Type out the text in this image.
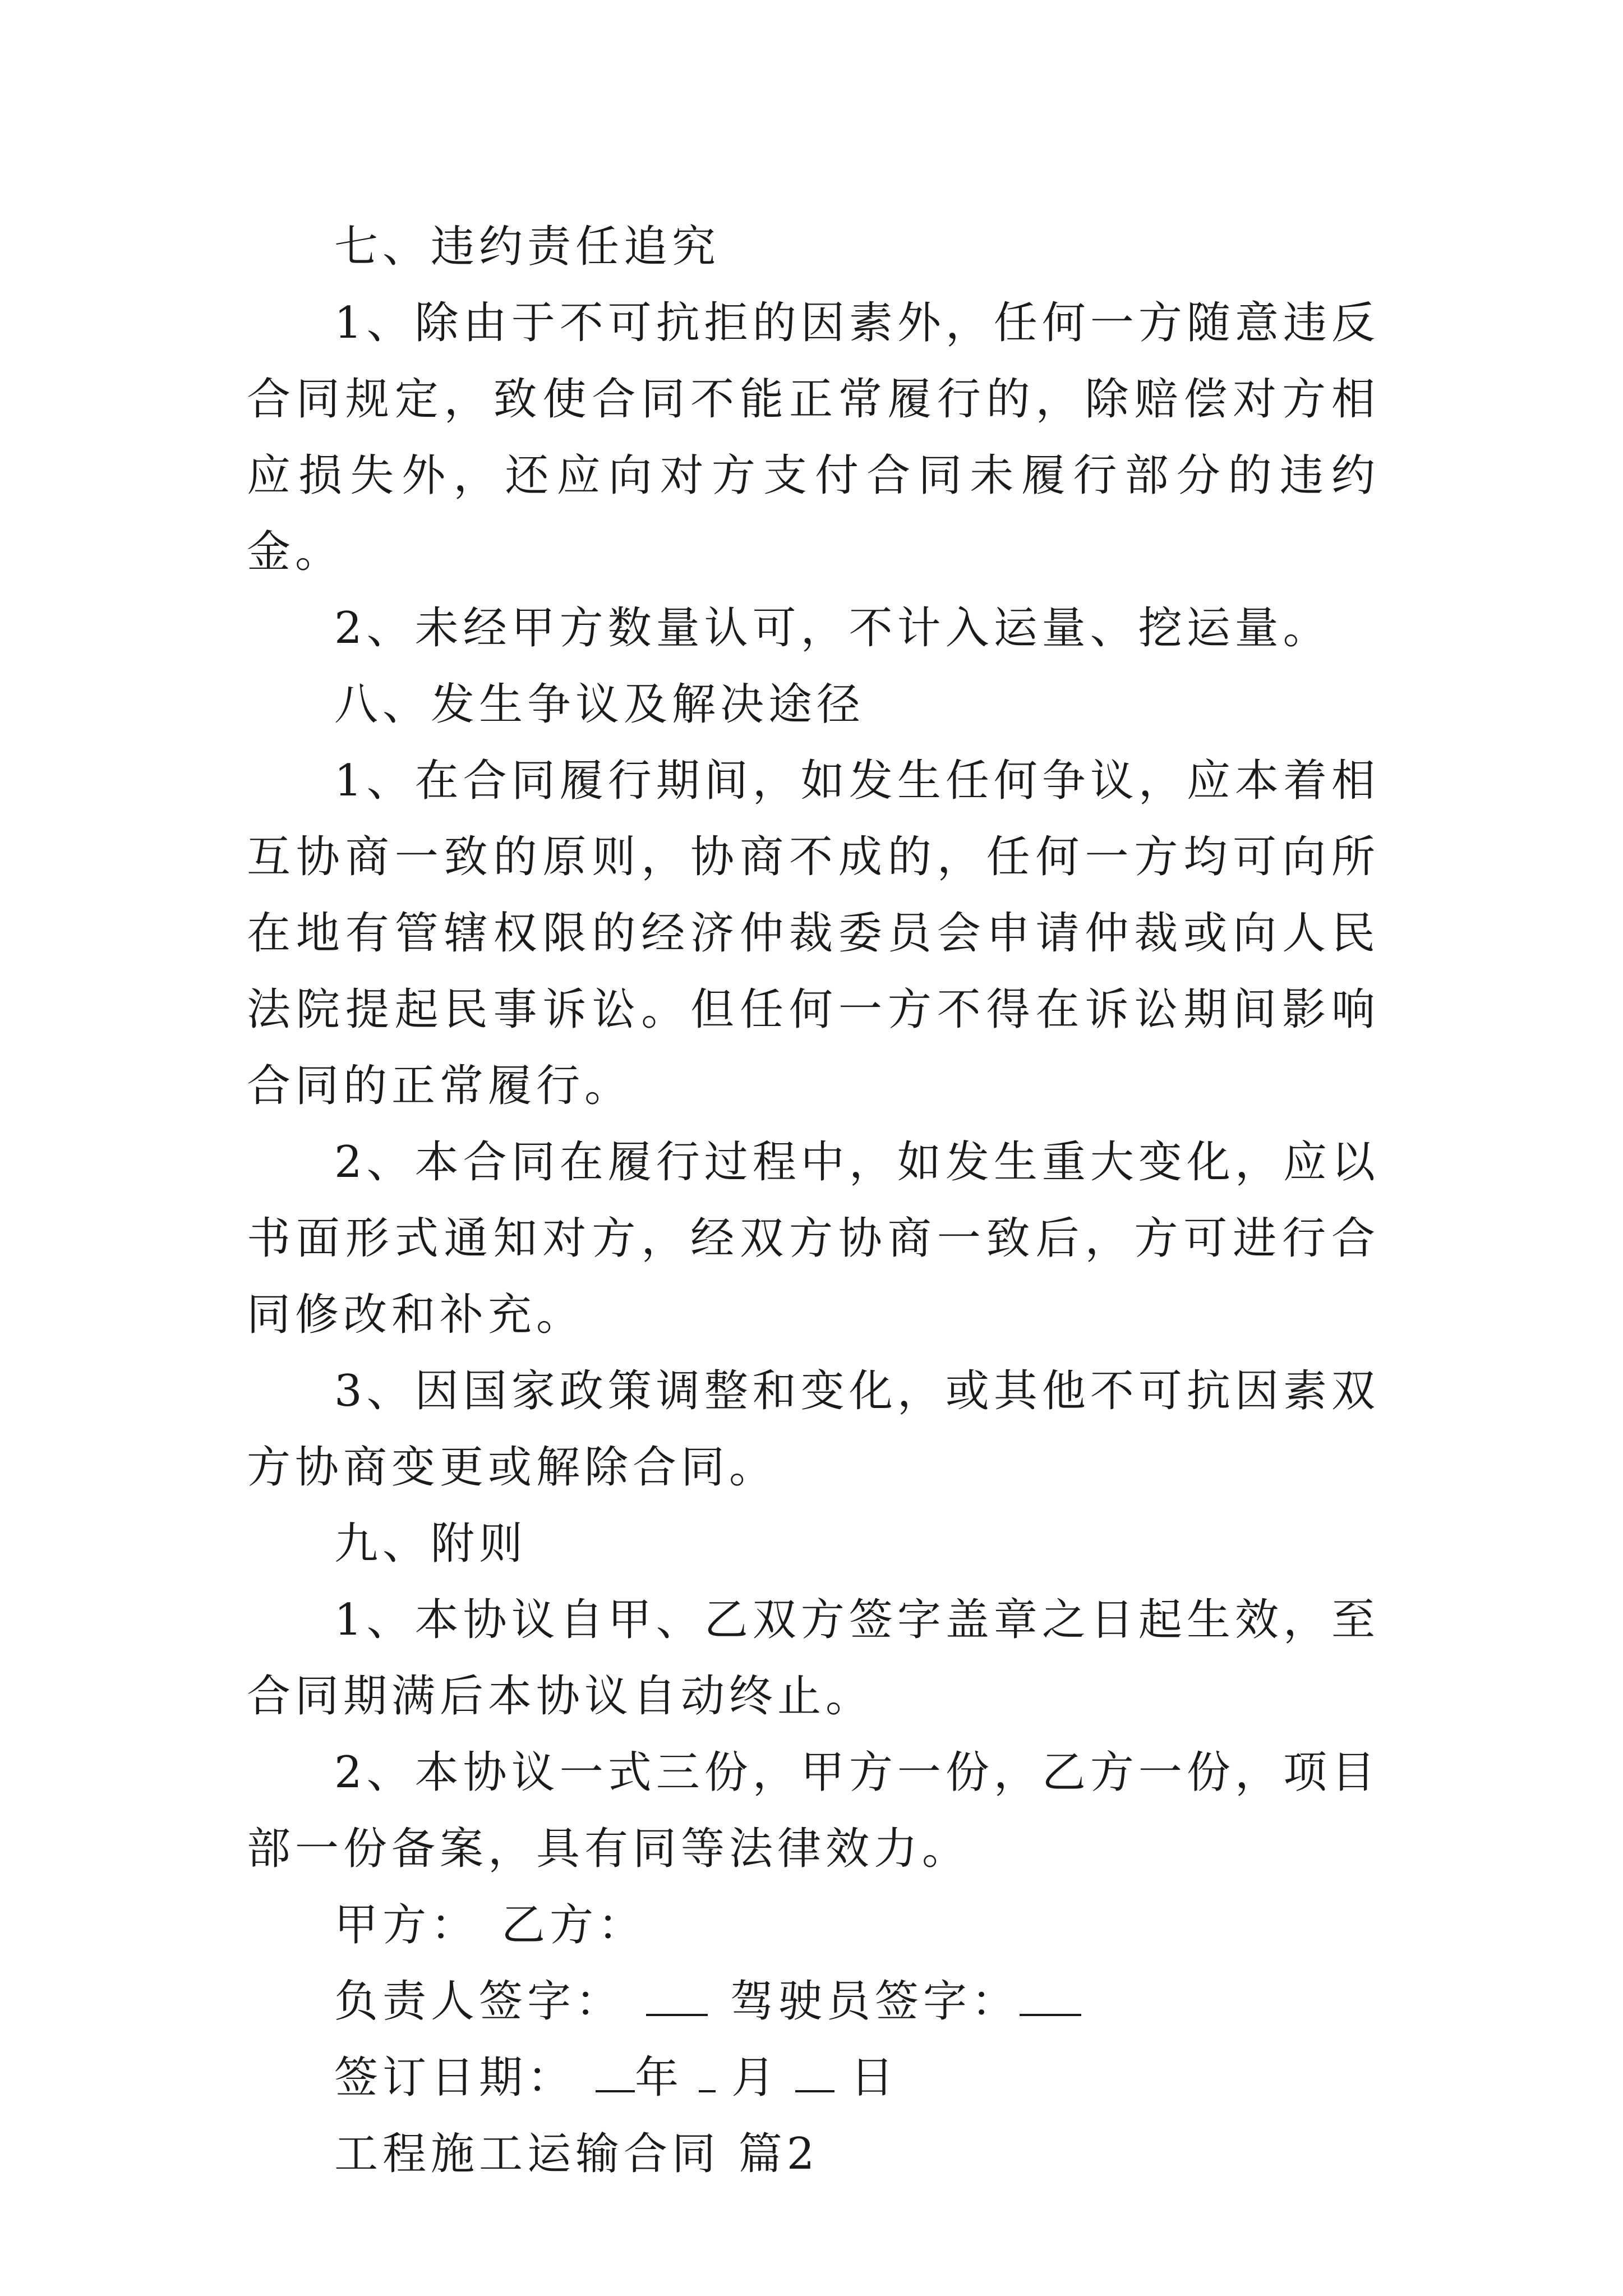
七、违约责任追究

1、除由于不可抗拒的因素外，任何一方随意违反合同规定，致使合同不能正常履行的，除赔偿对方相应损失外，还应向对方支付合同未履行部分的违约金。

2、未经甲方数量认可，不计入运量、挖运量。

八、发生争议及解决途径

1、在合同履行期间，如发生任何争议，应本着相互协商一致的原则，协商不成的，任何一方均可向所在地有管辖权限的经济仲裁委员会申请仲裁或向人民法院提起民事诉讼。但任何一方不得在诉讼期间影响合同的正常履行。

2、本合同在履行过程中，如发生重大变化，应以书面形式通知对方，经双方协商一致后，方可进行合同修改和补充。

3、因国家政策调整和变化，或其他不可抗因素双方协商变更或解除合同。

九、附则

1、本协议自甲、乙双方签字盖章之日起生效，至合同期满后本协议自动终止。

2、本协议一式三份，甲方一份，乙方一份，项目部一份备案，具有同等法律效力。

甲方： 乙方：

负责人签字： 驾驶员签字：

签订日期： 年 月 日

工程施工运输合同 篇2
